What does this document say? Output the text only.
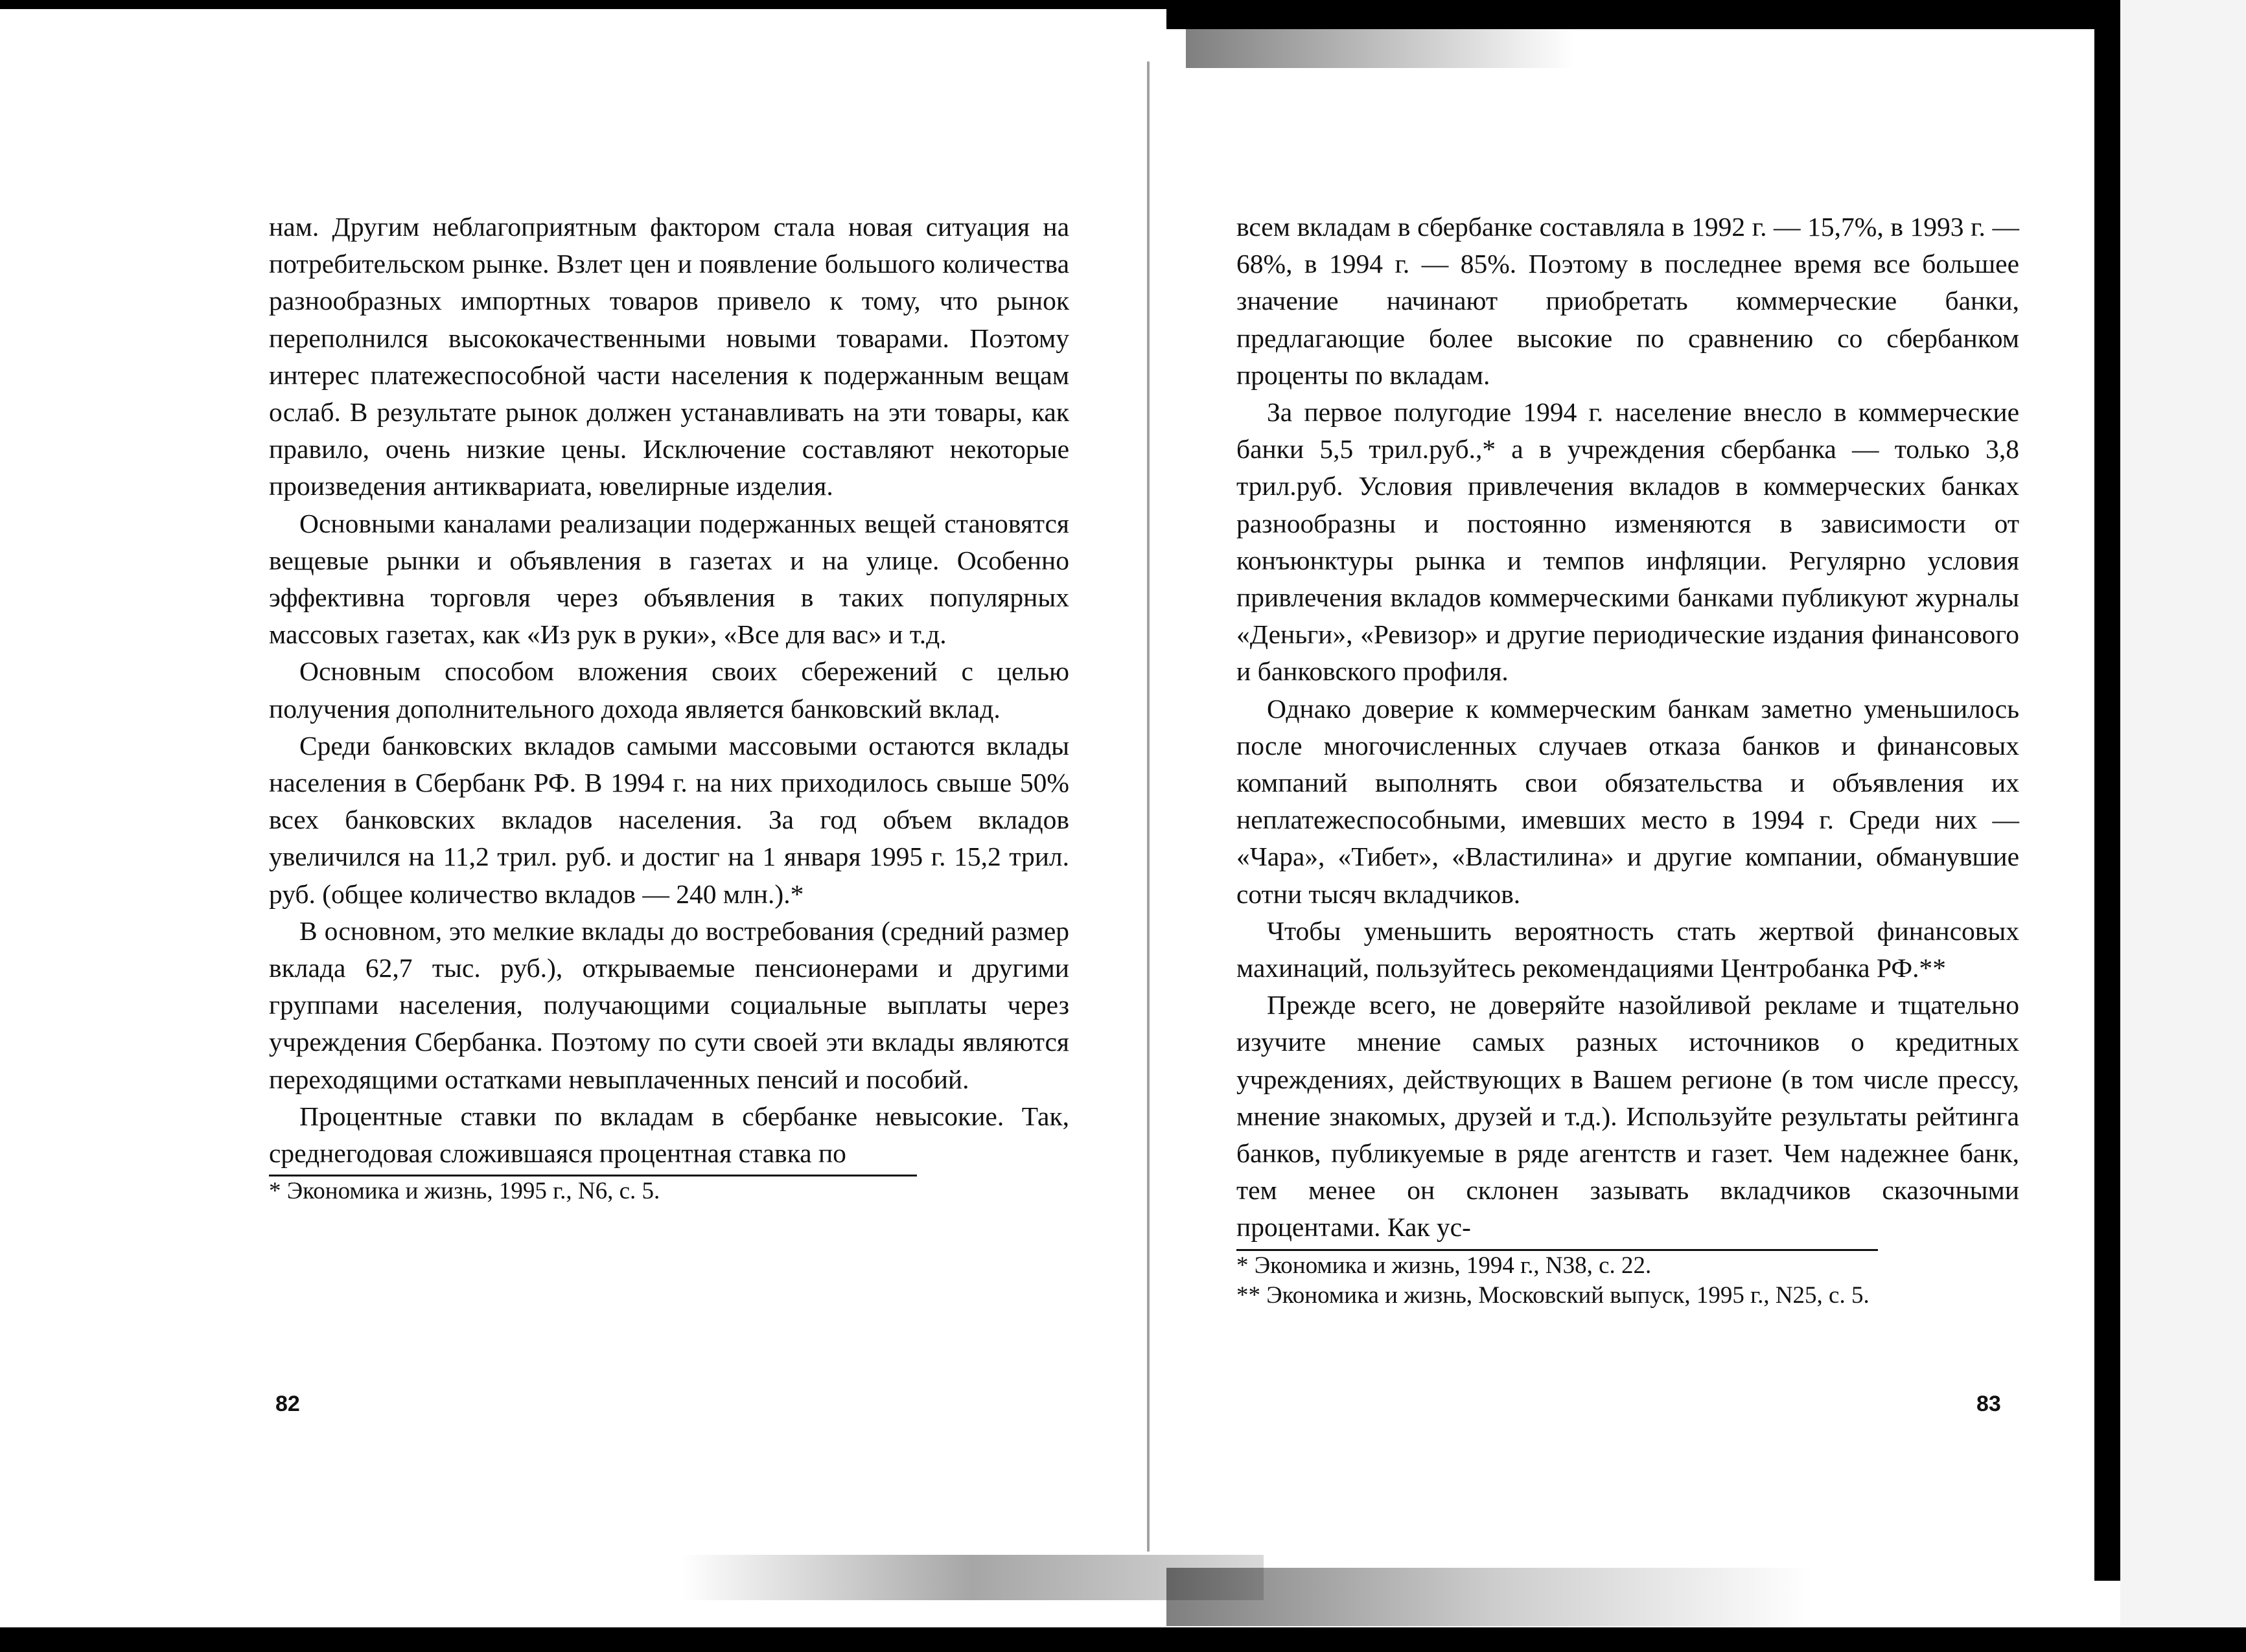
нам. Другим неблагоприятным фактором стала новая ситуация на потребительском рынке. Взлет цен и появление большого количества разнообразных импортных товаров привело к тому, что рынок переполнился высококачественными новыми товарами. Поэтому интерес платежеспособной части населения к подержанным вещам ослаб. В результате рынок должен устанавливать на эти товары, как правило, очень низкие цены. Исключение составляют некоторые произведения антиквариата, ювелирные изделия.

Основными каналами реализации подержанных вещей становятся вещевые рынки и объявления в газетах и на улице. Особенно эффективна торговля через объявления в таких популярных массовых газетах, как «Из рук в руки», «Все для вас» и т.д.

Основным способом вложения своих сбережений с целью получения дополнительного дохода является банковский вклад.

Среди банковских вкладов самыми массовыми остаются вклады населения в Сбербанк РФ. В 1994 г. на них приходилось свыше 50% всех банковских вкладов населения. За год объем вкладов увеличился на 11,2 трил. руб. и достиг на 1 января 1995 г. 15,2 трил. руб. (общее количество вкладов — 240 млн.).*

В основном, это мелкие вклады до востребования (средний размер вклада 62,7 тыс. руб.), открываемые пенсионерами и другими группами населения, получающими социальные выплаты через учреждения Сбербанка. Поэтому по сути своей эти вклады являются переходящими остатками невыплаченных пенсий и пособий.

Процентные ставки по вкладам в сбербанке невысокие. Так, среднегодовая сложившаяся процентная ставка по

* Экономика и жизнь, 1995 г., N6, с. 5.
82

всем вкладам в сбербанке составляла в 1992 г. — 15,7%, в 1993 г. — 68%, в 1994 г. — 85%. Поэтому в последнее время все большее значение начинают приобретать коммерческие банки, предлагающие более высокие по сравнению со сбербанком проценты по вкладам.

За первое полугодие 1994 г. население внесло в коммерческие банки 5,5 трил.руб.,* а в учреждения сбербанка — только 3,8 трил.руб. Условия привлечения вкладов в коммерческих банках разнообразны и постоянно изменяются в зависимости от конъюнктуры рынка и темпов инфляции. Регулярно условия привлечения вкладов коммерческими банками публикуют журналы «Деньги», «Ревизор» и другие периодические издания финансового и банковского профиля.

Однако доверие к коммерческим банкам заметно уменьшилось после многочисленных случаев отказа банков и финансовых компаний выполнять свои обязательства и объявления их неплатежеспособными, имевших место в 1994 г. Среди них — «Чара», «Тибет», «Властилина» и другие компании, обманувшие сотни тысяч вкладчиков.

Чтобы уменьшить вероятность стать жертвой финансовых махинаций, пользуйтесь рекомендациями Центробанка РФ.**

Прежде всего, не доверяйте назойливой рекламе и тщательно изучите мнение самых разных источников о кредитных учреждениях, действующих в Вашем регионе (в том числе прессу, мнение знакомых, друзей и т.д.). Используйте результаты рейтинга банков, публикуемые в ряде агентств и газет. Чем надежнее банк, тем менее он склонен зазывать вкладчиков сказочными процентами. Как ус-

* Экономика и жизнь, 1994 г., N38, с. 22.
** Экономика и жизнь, Московский выпуск, 1995 г., N25, с. 5.
83
